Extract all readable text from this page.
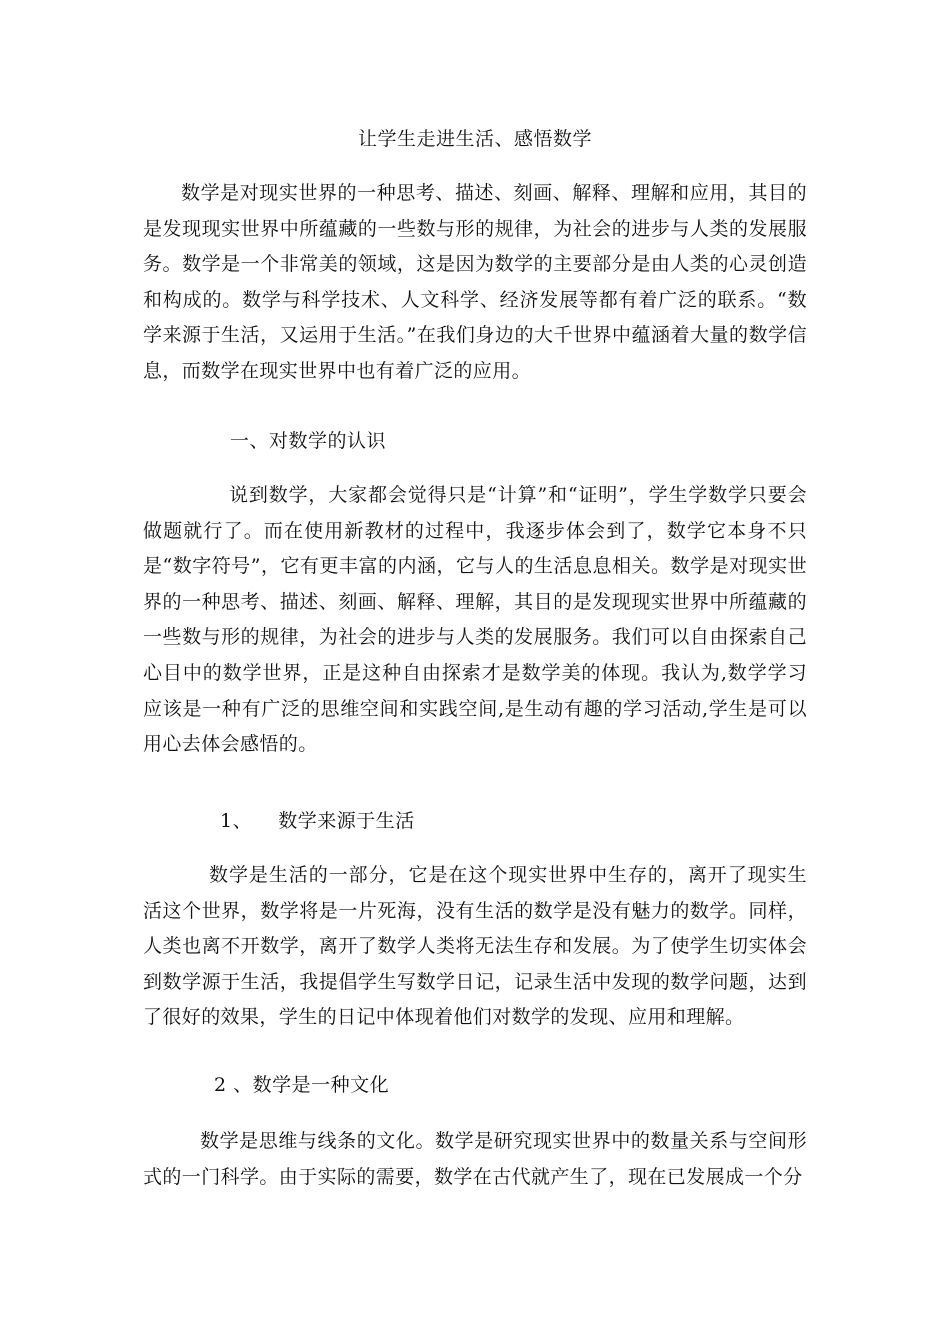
让学生走进生活、感悟数学

数学是对现实世界的一种思考、描述、刻画、解释、理解和应用，其目的是发现现实世界中所蕴藏的一些数与形的规律，为社会的进步与人类的发展服务。数学是一个非常美的领域，这是因为数学的主要部分是由人类的心灵创造和构成的。数学与科学技术、人文科学、经济发展等都有着广泛的联系。“数学来源于生活，又运用于生活。”在我们身边的大千世界中蕴涵着大量的数学信息，而数学在现实世界中也有着广泛的应用。

一、对数学的认识

说到数学，大家都会觉得只是“计算”和“证明”，学生学数学只要会做题就行了。而在使用新教材的过程中，我逐步体会到了，数学它本身不只是“数字符号”，它有更丰富的内涵，它与人的生活息息相关。数学是对现实世界的一种思考、描述、刻画、解释、理解，其目的是发现现实世界中所蕴藏的一些数与形的规律，为社会的进步与人类的发展服务。我们可以自由探索自己心目中的数学世界，正是这种自由探索才是数学美的体现。我认为,数学学习应该是一种有广泛的思维空间和实践空间,是生动有趣的学习活动,学生是可以用心去体会感悟的。

1、    数学来源于生活

数学是生活的一部分，它是在这个现实世界中生存的，离开了现实生活这个世界，数学将是一片死海，没有生活的数学是没有魅力的数学。同样，人类也离不开数学，离开了数学人类将无法生存和发展。为了使学生切实体会到数学源于生活，我提倡学生写数学日记，记录生活中发现的数学问题，达到了很好的效果，学生的日记中体现着他们对数学的发现、应用和理解。

2 、数学是一种文化

数学是思维与线条的文化。数学是研究现实世界中的数量关系与空间形式的一门科学。由于实际的需要，数学在古代就产生了，现在已发展成一个分
